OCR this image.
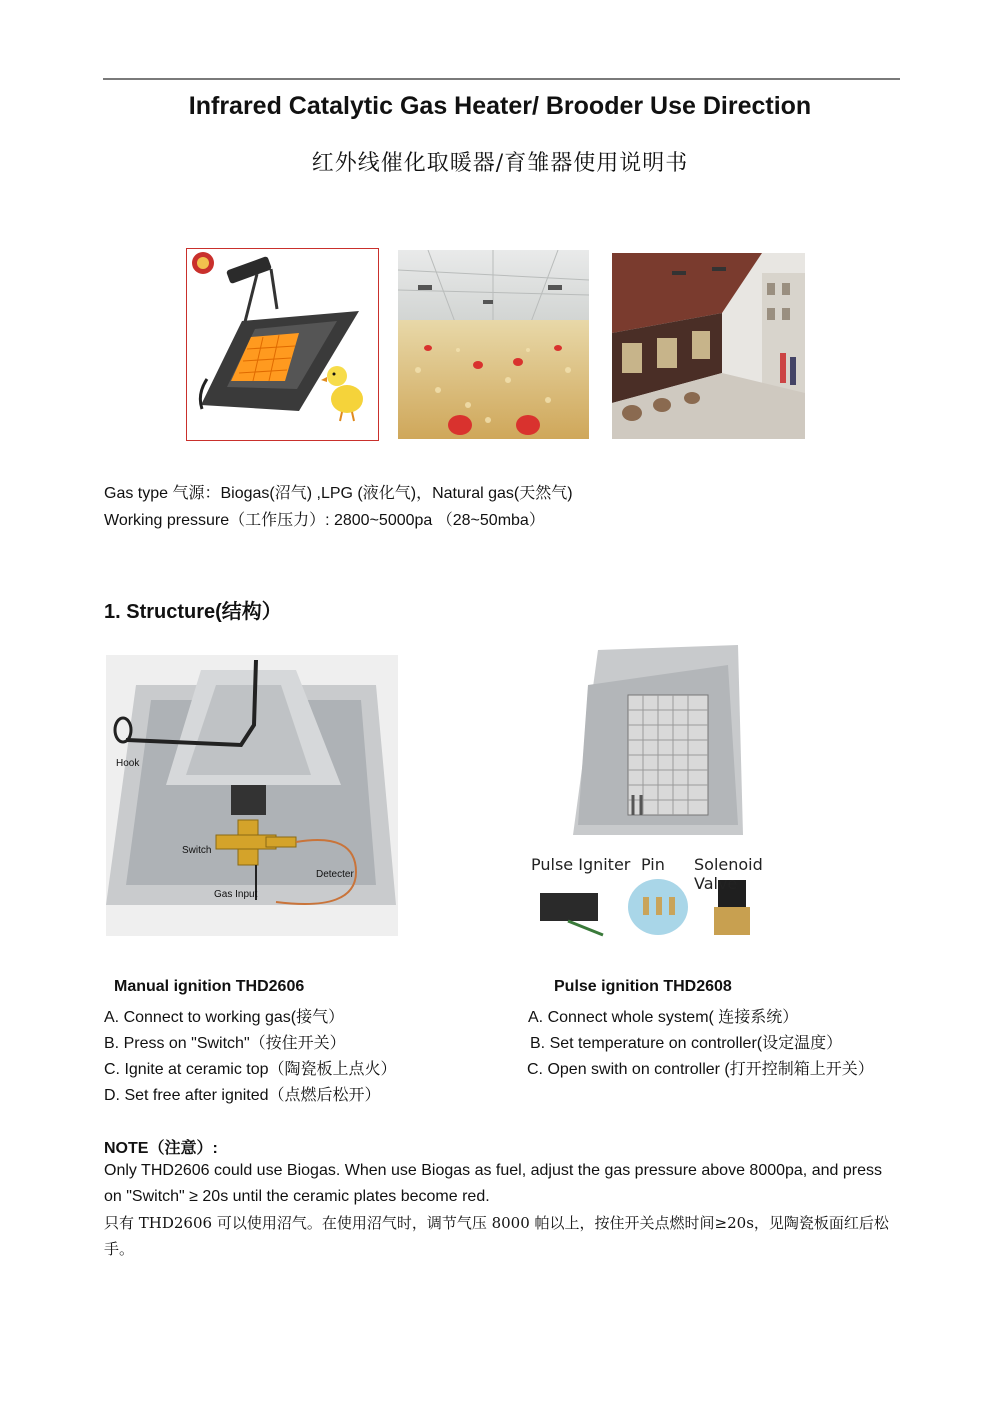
Infrared Catalytic Gas Heater/ Brooder Use Direction
红外线催化取暖器/育雏器使用说明书
Gas type 气源：Biogas(沼气) ,LPG (液化气)，Natural gas(天然气)
Working pressure（工作压力）: 2800~5000pa （28~50mba）
1. Structure(结构）
Hook
Switch
Detecter
Gas Input
Pulse Igniter Pin Solenoid Valve
Manual ignition THD2606
A. Connect to working gas(接气）
B. Press on "Switch"（按住开关）
C. Ignite at ceramic top（陶瓷板上点火）
D. Set free after ignited（点燃后松开）
Pulse ignition THD2608
A. Connect whole system( 连接系统）
B. Set temperature on controller(设定温度）
C. Open swith on controller (打开控制箱上开关）
NOTE（注意）:
Only THD2606 could use Biogas. When use Biogas as fuel, adjust the gas pressure above 8000pa, and press on "Switch" ≥ 20s until the ceramic plates become red.
只有 THD2606 可以使用沼气。在使用沼气时，调节气压 8000 帕以上，按住开关点燃时间≥20s，见陶瓷板面红后松手。
